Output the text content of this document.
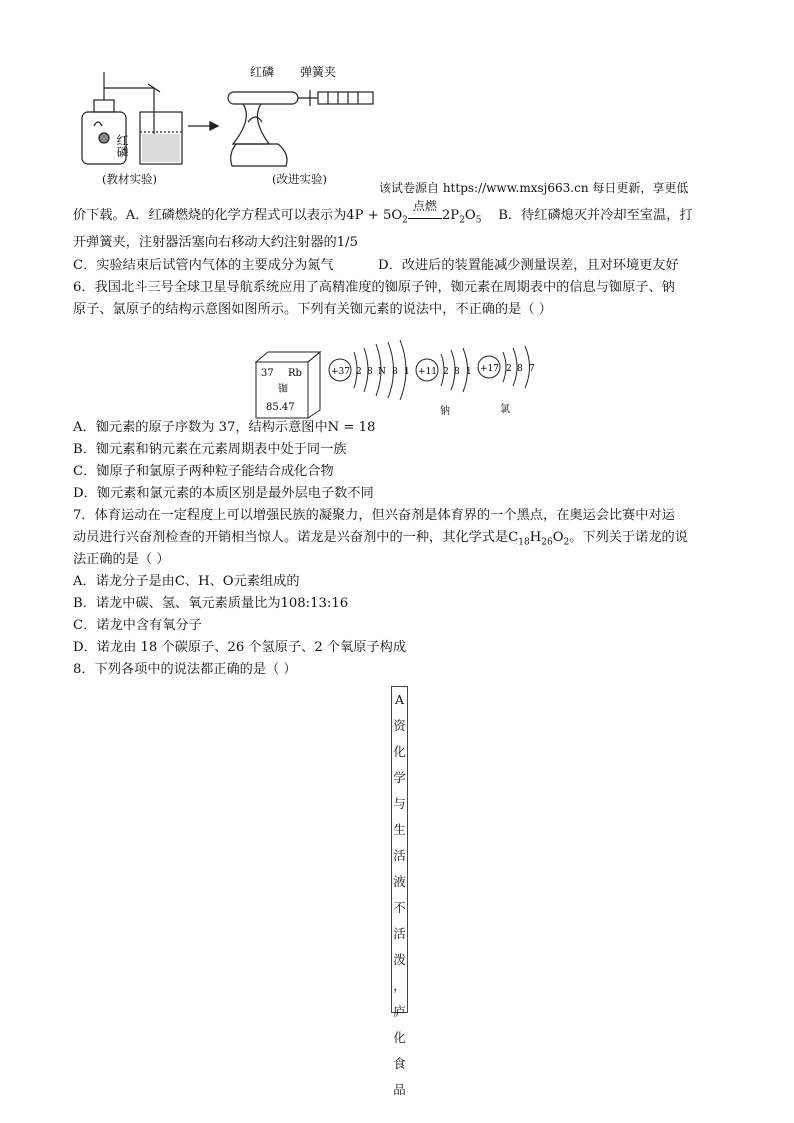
红磷
红磷 弹簧夹
(教材实验)	(改进实验)
该试卷源自 https://www.mxsj663.cn 每日更新，享更低
价下载。A．红磷燃烧的化学方程式可以表示为$4P + 5O_2$
点燃
$2P_2O_5$ B．待红磷熄灭并冷却至室温，打
开弹簧夹，注射器活塞向右移动大约注射器的1/5
C．实验结束后试管内气体的主要成分为氮气	D．改进后的装置能减少测量误差，且对环境更友好
6．我国北斗三号全球卫星导航系统应用了高精准度的铷原子钟，铷元素在周期表中的信息与铷原子、钠
原子、氯原子的结构示意图如图所示。下列有关铷元素的说法中，不正确的是（ ）
37 Rb
铷
85.47
+37 2 8 N 8 1 +11 2 8 1
钠
+17 2 8 7
氯
A．铷元素的原子序数为 37，结构示意图中N = 18
B．铷元素和钠元素在元素周期表中处于同一族
C．铷原子和氯原子两种粒子能结合成化合物
D．铷元素和氯元素的本质区别是最外层电子数不同
7．体育运动在一定程度上可以增强民族的凝聚力，但兴奋剂是体育界的一个黑点，在奥运会比赛中对运
动员进行兴奋剂检查的开销相当惊人。诺龙是兴奋剂中的一种，其化学式是$C_{18}H_{26}O_2$。下列关于诺龙的说
法正确的是（ ）
A．诺龙分子是由C、H、O元素组成的
B．诺龙中碳、氢、氧元素质量比为108:13:16
C．诺龙中含有氧分子
D．诺龙由 18 个碳原子、26 个氢原子、2 个氧原子构成
8．下列各项中的说法都正确的是（ ）
A
资
化
学
与
生
活
液
不
活
泼
，
庐
化
食
品
